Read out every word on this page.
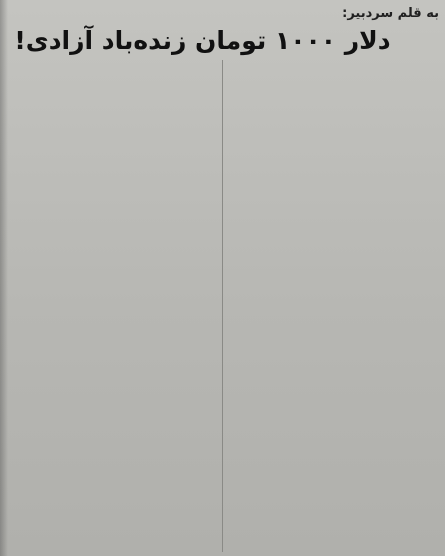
به قلم سردبیر:
دلار ۱۰۰۰ تومان زنده‌باد آزادی!
